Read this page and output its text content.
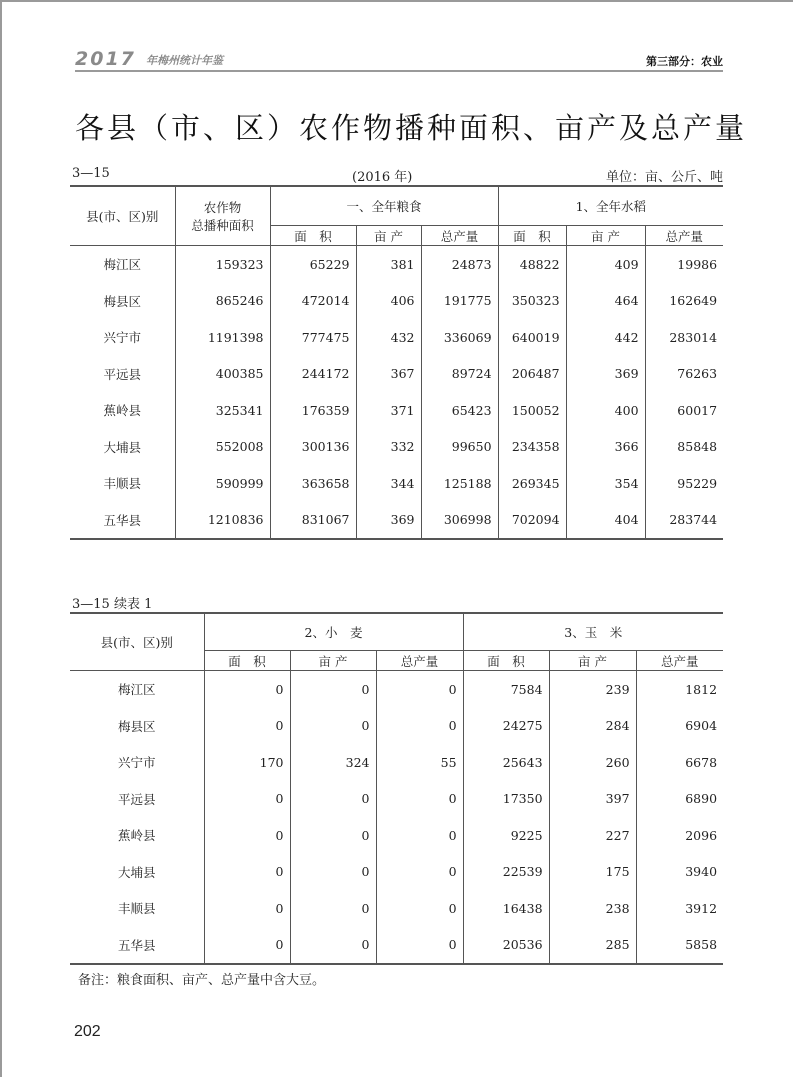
2017 年梅州统计年鉴	第三部分：农业
各县（市、区）农作物播种面积、亩产及总产量
3—15	(2016 年)	单位：亩、公斤、吨
县(市、区)别	农作物
总播种面积	一、全年粮食			1、全年水稻		
		面　积	亩 产	总产量	面　积	亩 产	总产量
梅江区	159323	65229	381	24873	48822	409	19986
梅县区	865246	472014	406	191775	350323	464	162649
兴宁市	1191398	777475	432	336069	640019	442	283014
平远县	400385	244172	367	89724	206487	369	76263
蕉岭县	325341	176359	371	65423	150052	400	60017
大埔县	552008	300136	332	99650	234358	366	85848
丰顺县	590999	363658	344	125188	269345	354	95229
五华县	1210836	831067	369	306998	702094	404	283744
3—15 续表 1
县(市、区)别	2、小　麦			3、玉　米		
	面　积	亩 产	总产量	面　积	亩 产	总产量
梅江区	0	0	0	7584	239	1812
梅县区	0	0	0	24275	284	6904
兴宁市	170	324	55	25643	260	6678
平远县	0	0	0	17350	397	6890
蕉岭县	0	0	0	9225	227	2096
大埔县	0	0	0	22539	175	3940
丰顺县	0	0	0	16438	238	3912
五华县	0	0	0	20536	285	5858
备注：粮食面积、亩产、总产量中含大豆。
202
